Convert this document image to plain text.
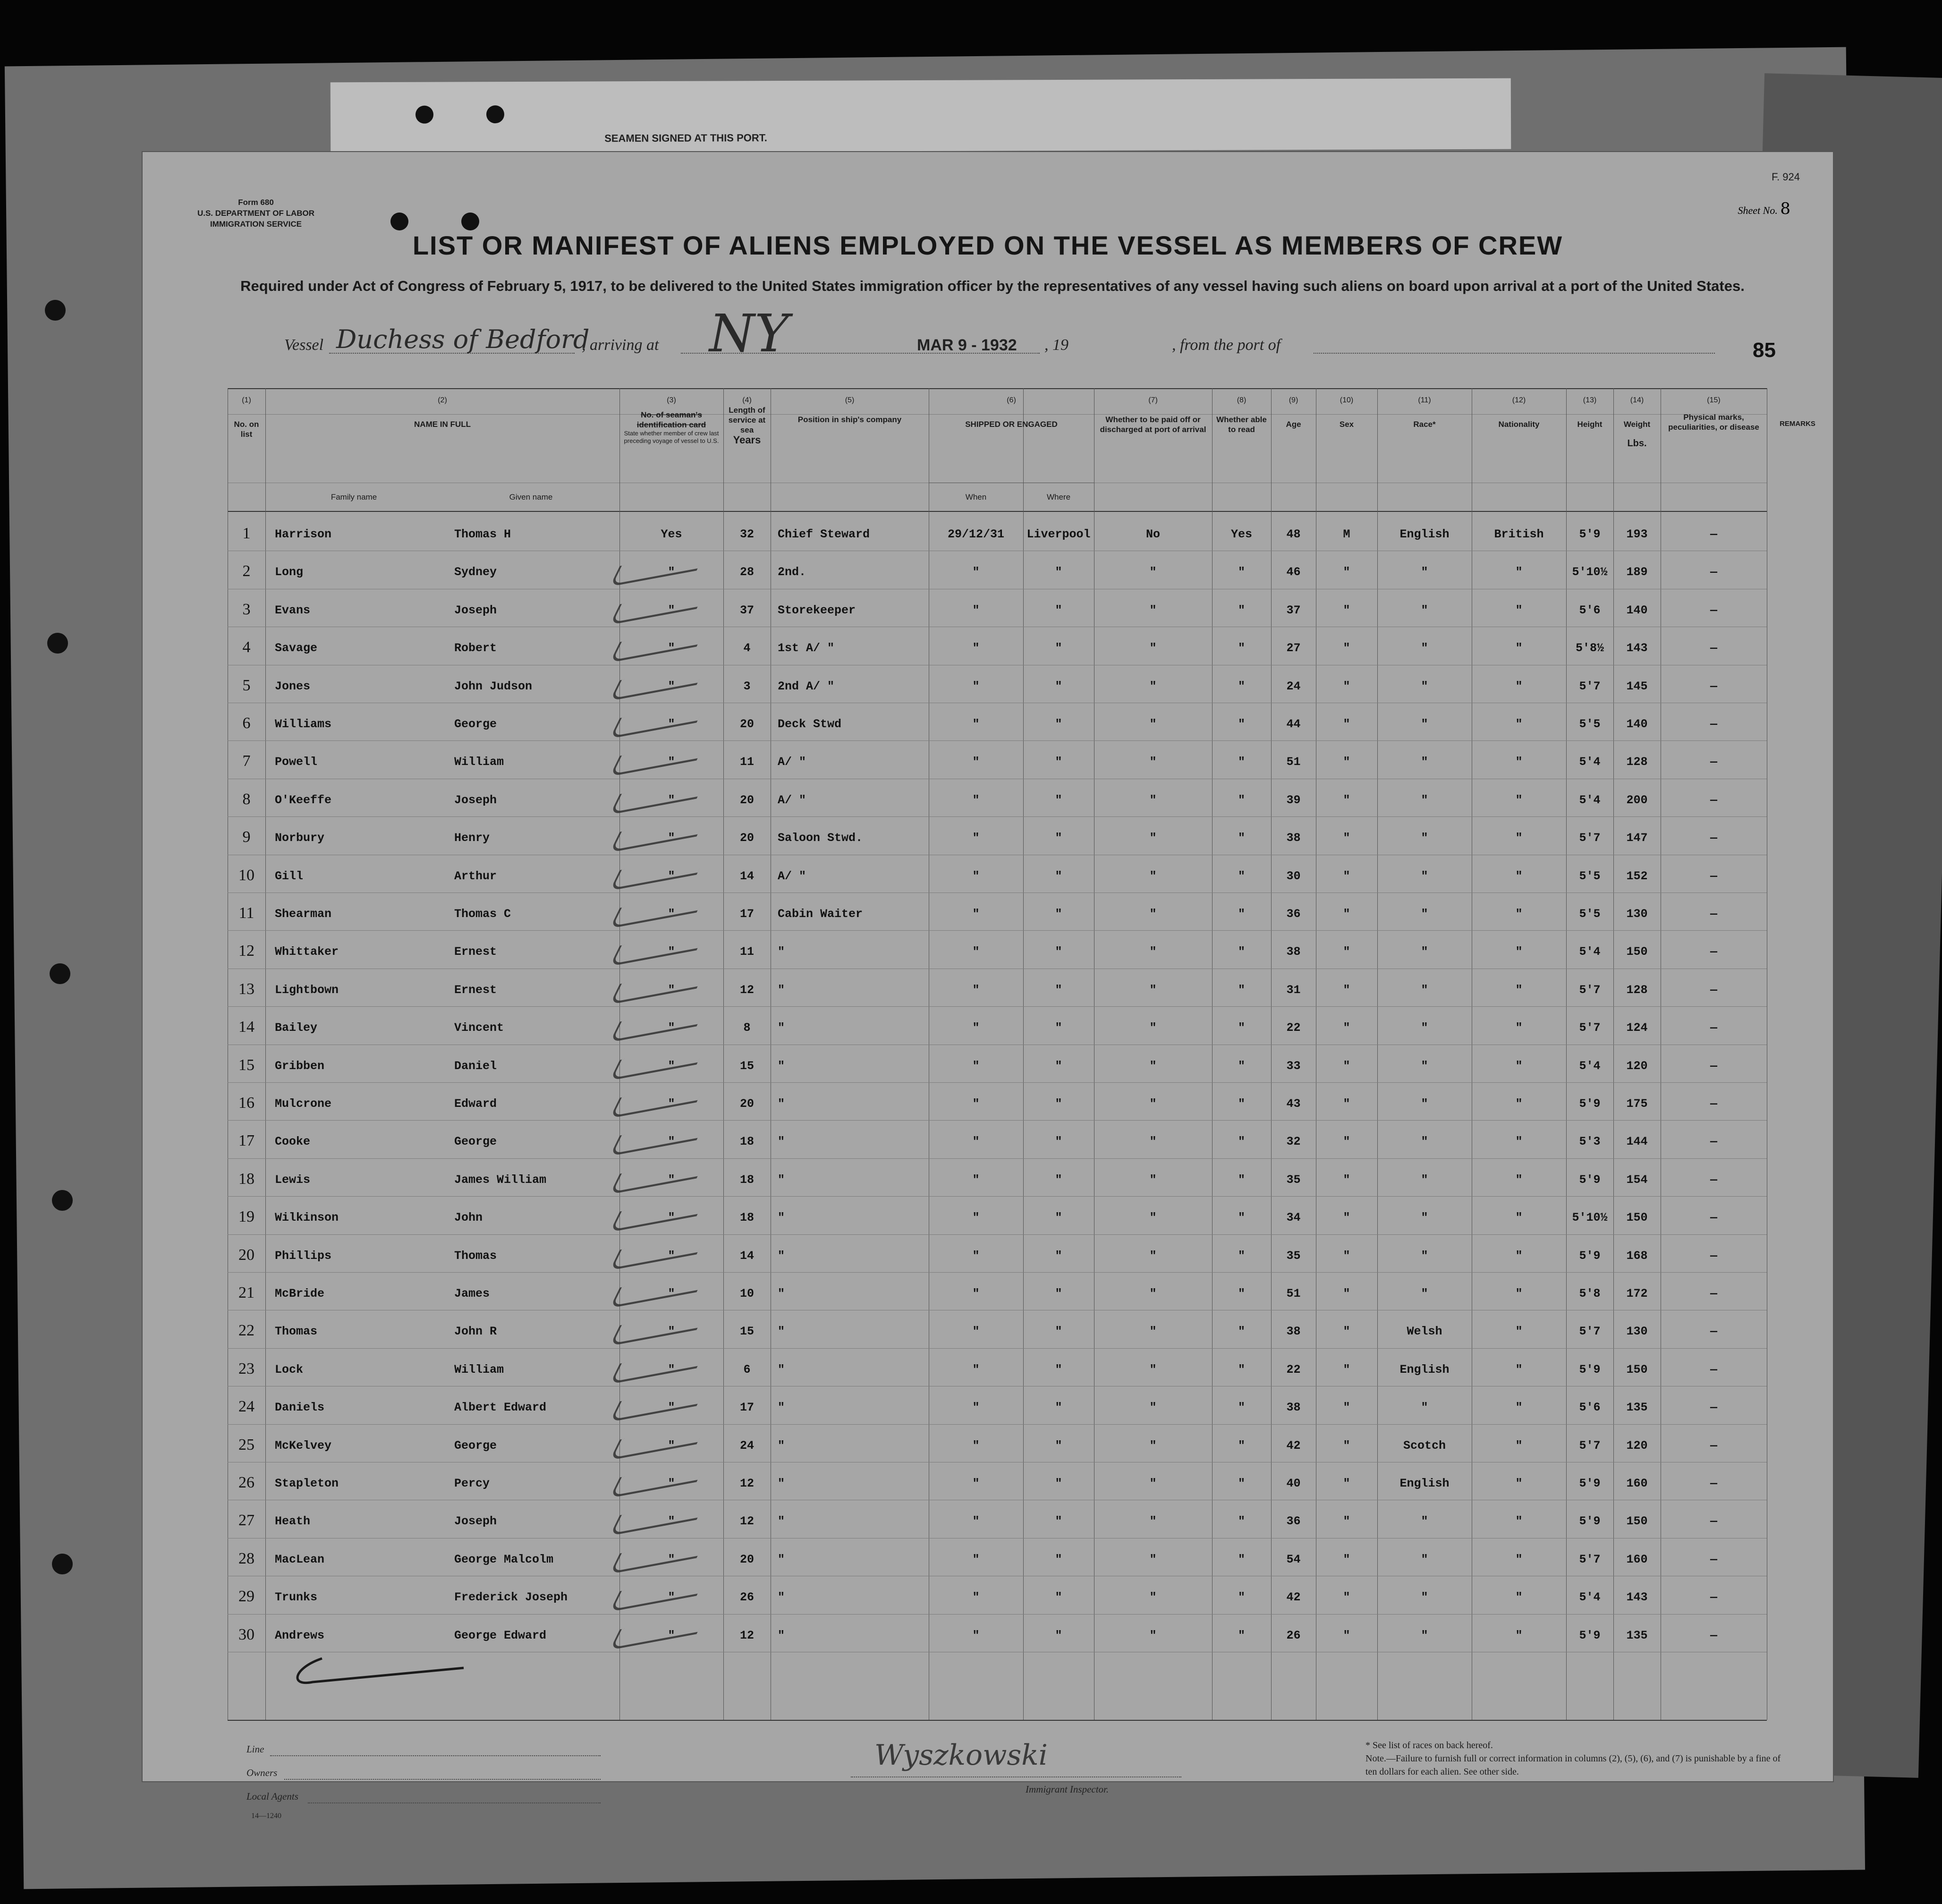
SEAMEN SIGNED AT THIS PORT.
Form 680
U.S. DEPARTMENT OF LABOR
IMMIGRATION SERVICE
F. 924
Sheet No. 8
LIST OR MANIFEST OF ALIENS EMPLOYED ON THE VESSEL AS MEMBERS OF CREW
Required under Act of Congress of February 5, 1917, to be delivered to the United States immigration officer by the representatives of any vessel having such aliens on board upon arrival at a port of the United States.
Vessel Duchess of Bedford
, arriving at NY	MAR 9 - 1932 , 19	, from the port of	85
(1)
No. on list
(2)
NAME IN FULL
Family name	Given name
(3)
No. of seaman's identification card
State whether member of crew last preceding voyage of vessel to U.S.
(4)
Length of service at sea
Years
(5)
Position in ship's company
(6)
SHIPPED OR ENGAGED
When	Where
(7)
Whether to be paid off or discharged at port of arrival
(8)
Whether able to read
(9)
Age
(10)
Sex
(11)
Race*
(12)
Nationality
(13)
Height
(14)
Weight
Lbs.
(15)
Physical marks, peculiarities, or disease	REMARKS
1	Harrison	Thomas H	Yes	32	Chief Steward	29/12/31	Liverpool	No	Yes	48	M	English	British	5'9	193	—
2	Long	Sydney	"	28	2nd.	"	"	"	"	46	"	"	"	5'10½	189	—
3	Evans	Joseph	"	37	Storekeeper	"	"	"	"	37	"	"	"	5'6	140	—
4	Savage	Robert	"	4	1st A/ "	"	"	"	"	27	"	"	"	5'8½	143	—
5	Jones	John Judson	"	3	2nd A/ "	"	"	"	"	24	"	"	"	5'7	145	—
6	Williams	George	"	20	Deck Stwd	"	"	"	"	44	"	"	"	5'5	140	—
7	Powell	William	"	11	A/ "	"	"	"	"	51	"	"	"	5'4	128	—
8	O'Keeffe	Joseph	"	20	A/ "	"	"	"	"	39	"	"	"	5'4	200	—
9	Norbury	Henry	"	20	Saloon Stwd.	"	"	"	"	38	"	"	"	5'7	147	—
10	Gill	Arthur	"	14	A/ "	"	"	"	"	30	"	"	"	5'5	152	—
11	Shearman	Thomas C	"	17	Cabin Waiter	"	"	"	"	36	"	"	"	5'5	130	—
12	Whittaker	Ernest	"	11	"	"	"	"	"	38	"	"	"	5'4	150	—
13	Lightbown	Ernest	"	12	"	"	"	"	"	31	"	"	"	5'7	128	—
14	Bailey	Vincent	"	8	"	"	"	"	"	22	"	"	"	5'7	124	—
15	Gribben	Daniel	"	15	"	"	"	"	"	33	"	"	"	5'4	120	—
16	Mulcrone	Edward	"	20	"	"	"	"	"	43	"	"	"	5'9	175	—
17	Cooke	George	"	18	"	"	"	"	"	32	"	"	"	5'3	144	—
18	Lewis	James William	"	18	"	"	"	"	"	35	"	"	"	5'9	154	—
19	Wilkinson	John	"	18	"	"	"	"	"	34	"	"	"	5'10½	150	—
20	Phillips	Thomas	"	14	"	"	"	"	"	35	"	"	"	5'9	168	—
21	McBride	James	"	10	"	"	"	"	"	51	"	"	"	5'8	172	—
22	Thomas	John R	"	15	"	"	"	"	"	38	"	Welsh	"	5'7	130	—
23	Lock	William	"	6	"	"	"	"	"	22	"	English	"	5'9	150	—
24	Daniels	Albert Edward	"	17	"	"	"	"	"	38	"	"	"	5'6	135	—
25	McKelvey	George	"	24	"	"	"	"	"	42	"	Scotch	"	5'7	120	—
26	Stapleton	Percy	"	12	"	"	"	"	"	40	"	English	"	5'9	160	—
27	Heath	Joseph	"	12	"	"	"	"	"	36	"	"	"	5'9	150	—
28	MacLean	George Malcolm	"	20	"	"	"	"	"	54	"	"	"	5'7	160	—
29	Trunks	Frederick Joseph	"	26	"	"	"	"	"	42	"	"	"	5'4	143	—
30	Andrews	George Edward	"	12	"	"	"	"	"	26	"	"	"	5'9	135	—
Line
Owners
Local Agents
14—1240
Wyszkowski
Immigrant Inspector.
* See list of races on back hereof.
Note.—Failure to furnish full or correct information in columns (2), (5), (6), and (7) is punishable by a fine of ten dollars for each alien. See other side.
